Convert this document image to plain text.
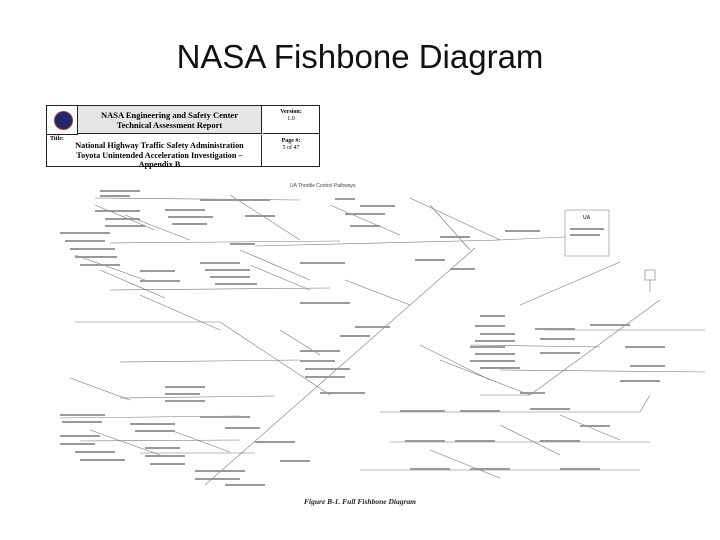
NASA Fishbone Diagram
NASA Engineering and Safety Center
Technical Assessment Report
Version:
1.0
Title:
National Highway Traffic Safety Administration
Toyota Unintended Acceleration Investigation –
Appendix B
Page #:
5 of 47
UA Throttle Control Pathways
UA
Figure B-1. Full Fishbone Diagram
